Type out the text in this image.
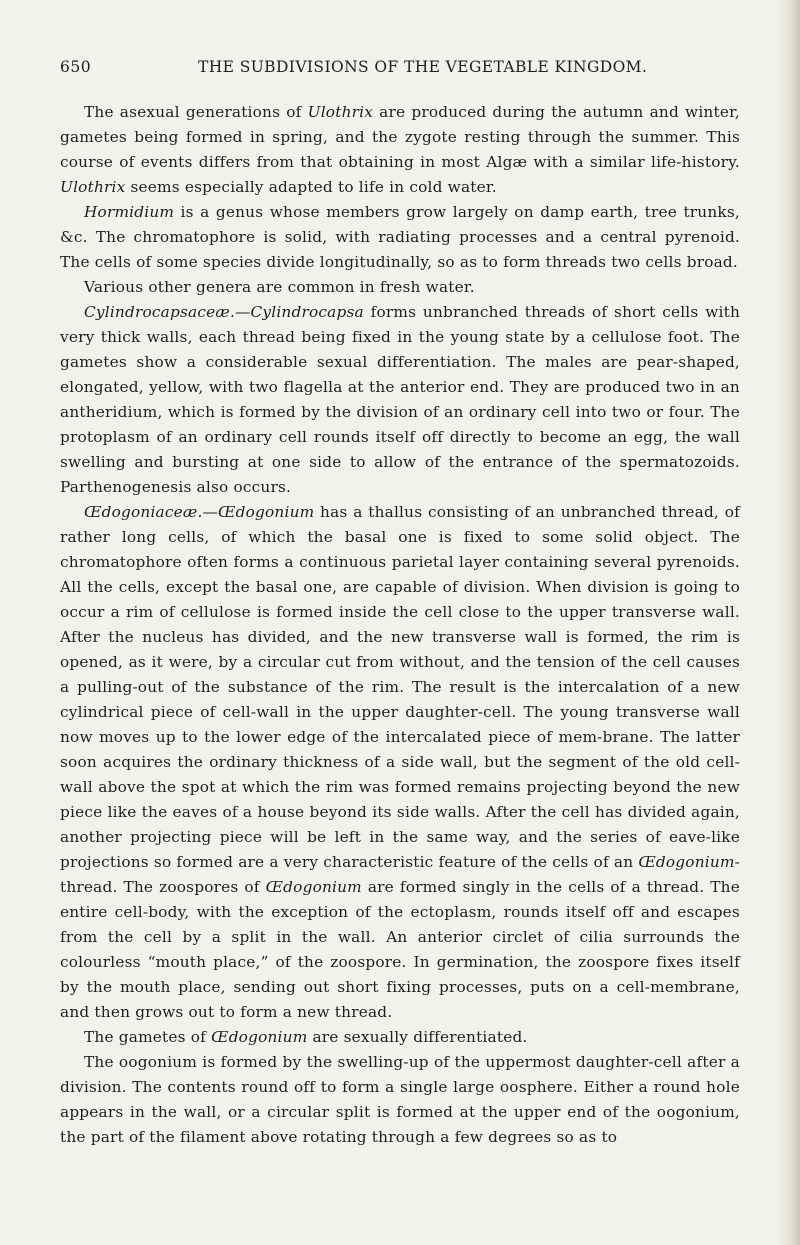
650	THE SUBDIVISIONS OF THE VEGETABLE KINGDOM.

The asexual generations of Ulothrix are produced during the autumn and winter, gametes being formed in spring, and the zygote resting through the summer. This course of events differs from that obtaining in most Algæ with a similar life-history. Ulothrix seems especially adapted to life in cold water.

Hormidium is a genus whose members grow largely on damp earth, tree trunks, &c. The chromatophore is solid, with radiating processes and a central pyrenoid. The cells of some species divide longitudinally, so as to form threads two cells broad.

Various other genera are common in fresh water.

Cylindrocapsaceæ.—Cylindrocapsa forms unbranched threads of short cells with very thick walls, each thread being fixed in the young state by a cellulose foot. The gametes show a considerable sexual differentiation. The males are pear-shaped, elongated, yellow, with two flagella at the anterior end. They are produced two in an antheridium, which is formed by the division of an ordinary cell into two or four. The protoplasm of an ordinary cell rounds itself off directly to become an egg, the wall swelling and bursting at one side to allow of the entrance of the spermatozoids. Parthenogenesis also occurs.

Œdogoniaceæ.—Œdogonium has a thallus consisting of an unbranched thread, of rather long cells, of which the basal one is fixed to some solid object. The chromatophore often forms a continuous parietal layer containing several pyrenoids. All the cells, except the basal one, are capable of division. When division is going to occur a rim of cellulose is formed inside the cell close to the upper transverse wall. After the nucleus has divided, and the new transverse wall is formed, the rim is opened, as it were, by a circular cut from without, and the tension of the cell causes a pulling-out of the substance of the rim. The result is the intercalation of a new cylindrical piece of cell-wall in the upper daughter-cell. The young transverse wall now moves up to the lower edge of the intercalated piece of mem-brane. The latter soon acquires the ordinary thickness of a side wall, but the segment of the old cell-wall above the spot at which the rim was formed remains projecting beyond the new piece like the eaves of a house beyond its side walls. After the cell has divided again, another projecting piece will be left in the same way, and the series of eave-like projections so formed are a very characteristic feature of the cells of an Œdogonium-thread. The zoospores of Œdogonium are formed singly in the cells of a thread. The entire cell-body, with the exception of the ectoplasm, rounds itself off and escapes from the cell by a split in the wall. An anterior circlet of cilia surrounds the colourless “mouth place,” of the zoospore. In germination, the zoospore fixes itself by the mouth place, sending out short fixing processes, puts on a cell-membrane, and then grows out to form a new thread.

The gametes of Œdogonium are sexually differentiated.

The oogonium is formed by the swelling-up of the uppermost daughter-cell after a division. The contents round off to form a single large oosphere. Either a round hole appears in the wall, or a circular split is formed at the upper end of the oogonium, the part of the filament above rotating through a few degrees so as to
